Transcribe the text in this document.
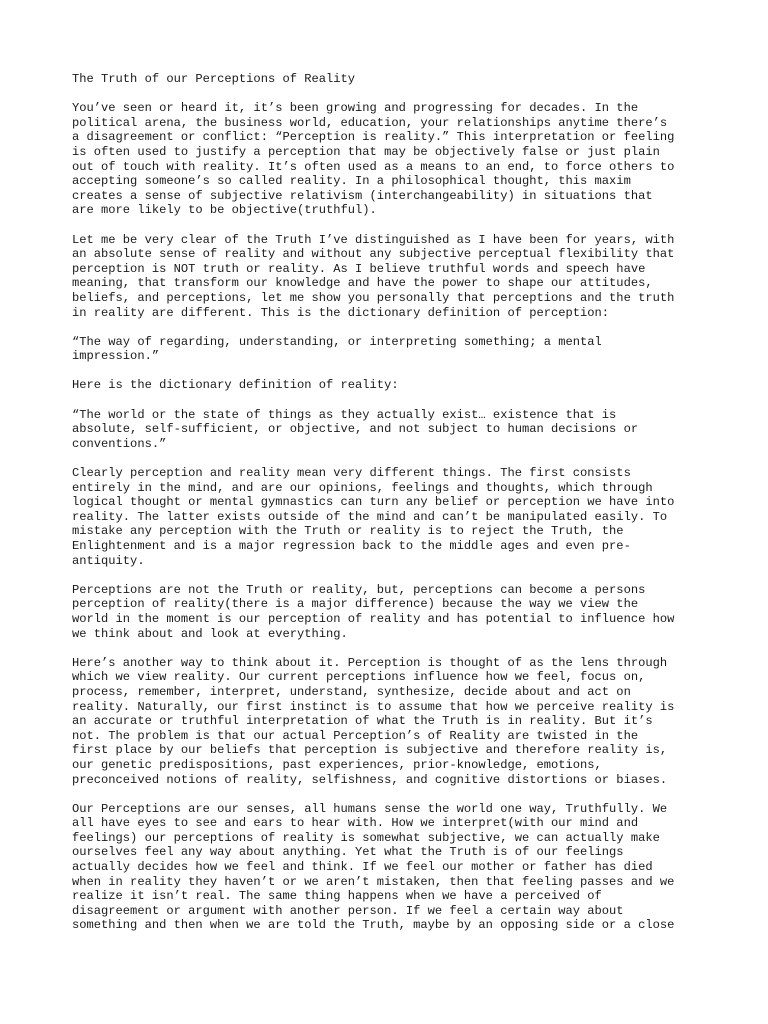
The Truth of our Perceptions of Reality
You’ve seen or heard it, it’s been growing and progressing for decades. In the
political arena, the business world, education, your relationships anytime there’s
a disagreement or conflict: “Perception is reality.” This interpretation or feeling
is often used to justify a perception that may be objectively false or just plain
out of touch with reality. It’s often used as a means to an end, to force others to
accepting someone’s so called reality. In a philosophical thought, this maxim
creates a sense of subjective relativism (interchangeability) in situations that
are more likely to be objective(truthful).
Let me be very clear of the Truth I’ve distinguished as I have been for years, with
an absolute sense of reality and without any subjective perceptual flexibility that
perception is NOT truth or reality. As I believe truthful words and speech have
meaning, that transform our knowledge and have the power to shape our attitudes,
beliefs, and perceptions, let me show you personally that perceptions and the truth
in reality are different. This is the dictionary definition of perception:
“The way of regarding, understanding, or interpreting something; a mental
impression.”
Here is the dictionary definition of reality:
“The world or the state of things as they actually exist… existence that is
absolute, self-sufficient, or objective, and not subject to human decisions or
conventions.”
Clearly perception and reality mean very different things. The first consists
entirely in the mind, and are our opinions, feelings and thoughts, which through
logical thought or mental gymnastics can turn any belief or perception we have into
reality. The latter exists outside of the mind and can’t be manipulated easily. To
mistake any perception with the Truth or reality is to reject the Truth, the
Enlightenment and is a major regression back to the middle ages and even pre-
antiquity.
Perceptions are not the Truth or reality, but, perceptions can become a persons
perception of reality(there is a major difference) because the way we view the
world in the moment is our perception of reality and has potential to influence how
we think about and look at everything.
Here’s another way to think about it. Perception is thought of as the lens through
which we view reality. Our current perceptions influence how we feel, focus on,
process, remember, interpret, understand, synthesize, decide about and act on
reality. Naturally, our first instinct is to assume that how we perceive reality is
an accurate or truthful interpretation of what the Truth is in reality. But it’s
not. The problem is that our actual Perception’s of Reality are twisted in the
first place by our beliefs that perception is subjective and therefore reality is,
our genetic predispositions, past experiences, prior-knowledge, emotions,
preconceived notions of reality, selfishness, and cognitive distortions or biases.
Our Perceptions are our senses, all humans sense the world one way, Truthfully. We
all have eyes to see and ears to hear with. How we interpret(with our mind and
feelings) our perceptions of reality is somewhat subjective, we can actually make
ourselves feel any way about anything. Yet what the Truth is of our feelings
actually decides how we feel and think. If we feel our mother or father has died
when in reality they haven’t or we aren’t mistaken, then that feeling passes and we
realize it isn’t real. The same thing happens when we have a perceived of
disagreement or argument with another person. If we feel a certain way about
something and then when we are told the Truth, maybe by an opposing side or a close
